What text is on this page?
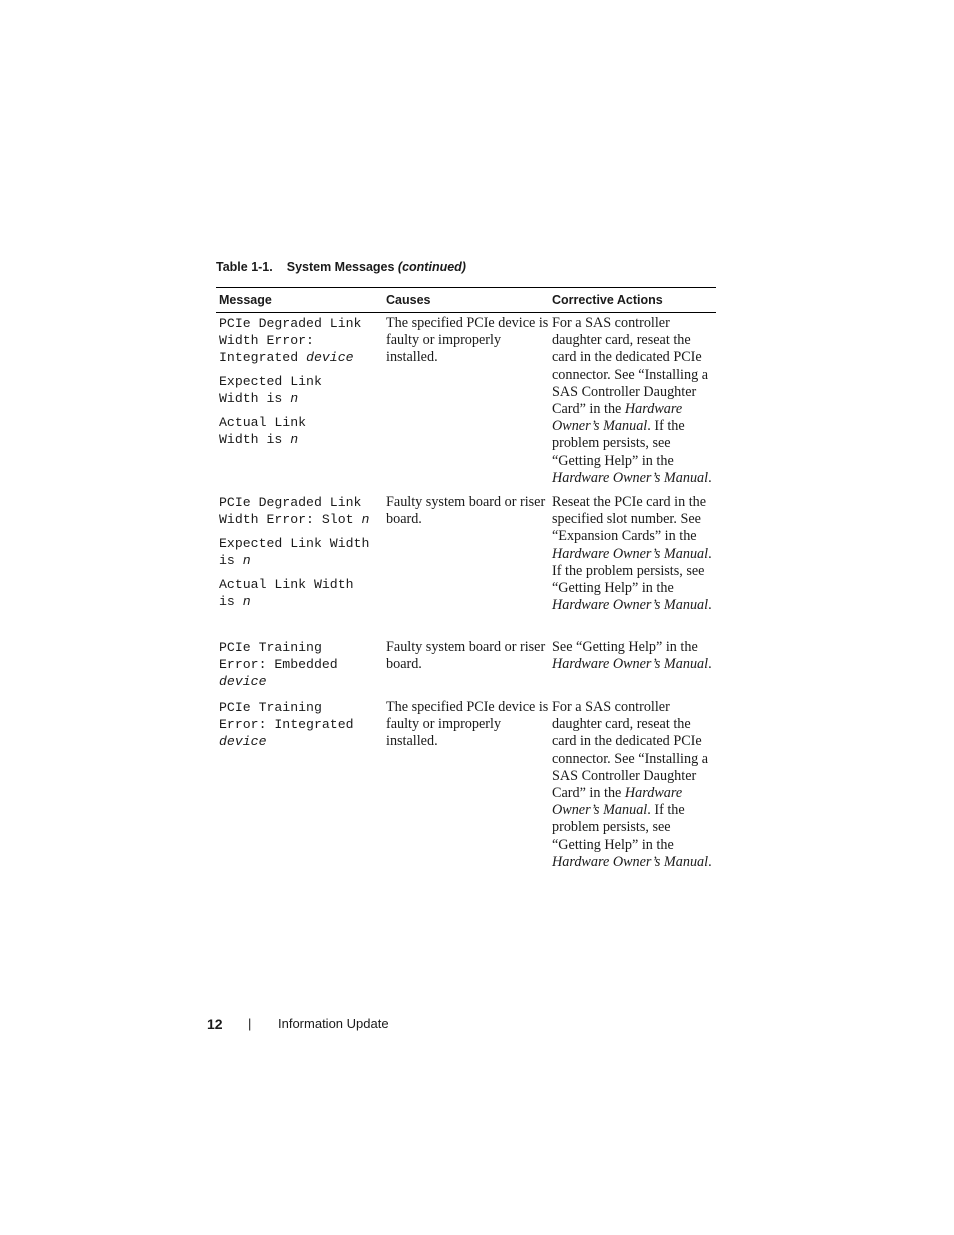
Table 1-1. System Messages (continued)
Message	Causes	Corrective Actions

PCIe Degraded Link
Width Error:
Integrated device

Expected Link
Width is n

Actual Link
Width is n

The specified PCIe device is faulty or improperly installed.

For a SAS controller daughter card, reseat the card in the dedicated PCIe connector. See “Installing a SAS Controller Daughter Card” in the Hardware Owner’s Manual. If the problem persists, see “Getting Help” in the Hardware Owner’s Manual.

PCIe Degraded Link
Width Error: Slot n

Expected Link Width
is n

Actual Link Width
is n

Faulty system board or riser board.

Reseat the PCIe card in the specified slot number. See “Expansion Cards” in the Hardware Owner’s Manual. If the problem persists, see “Getting Help” in the Hardware Owner’s Manual.

PCIe Training
Error: Embedded
device

Faulty system board or riser board.

See “Getting Help” in the Hardware Owner’s Manual.

PCIe Training
Error: Integrated
device

The specified PCIe device is faulty or improperly installed.

For a SAS controller daughter card, reseat the card in the dedicated PCIe connector. See “Installing a SAS Controller Daughter Card” in the Hardware Owner’s Manual. If the problem persists, see “Getting Help” in the Hardware Owner’s Manual.

12 | Information Update
